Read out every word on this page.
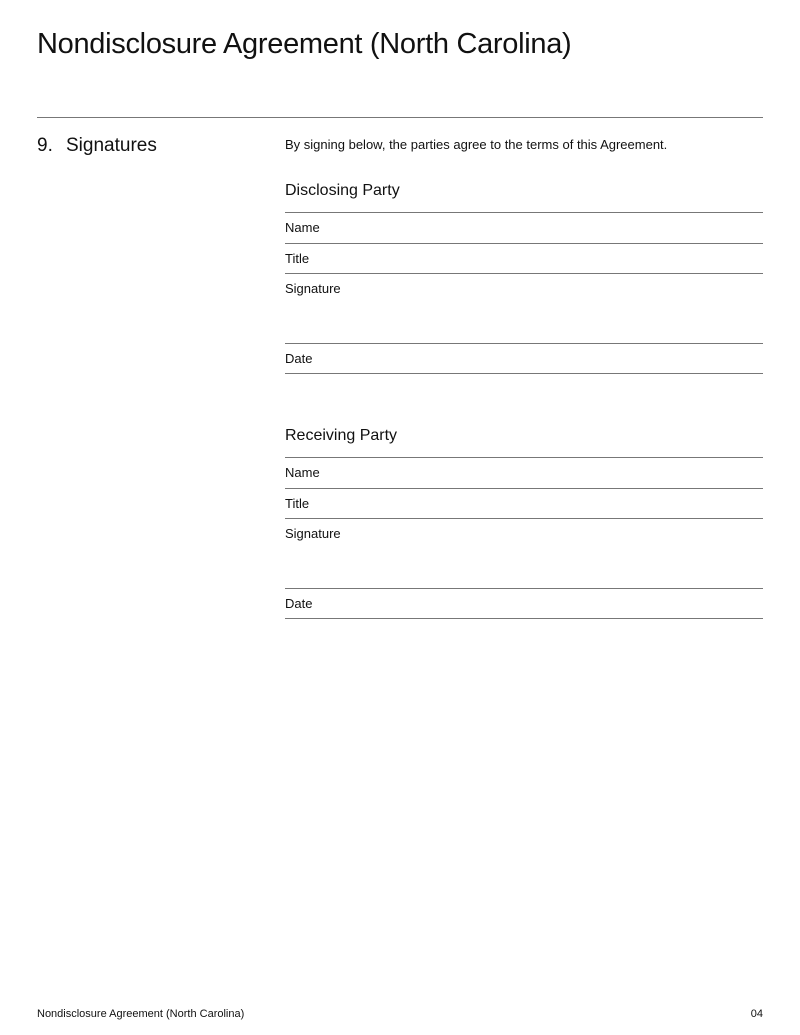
Nondisclosure Agreement (North Carolina)
9. Signatures	By signing below, the parties agree to the terms of this Agreement.
Disclosing Party
Name
Title
Signature
Date
Receiving Party
Name
Title
Signature
Date
Nondisclosure Agreement (North Carolina)	04
